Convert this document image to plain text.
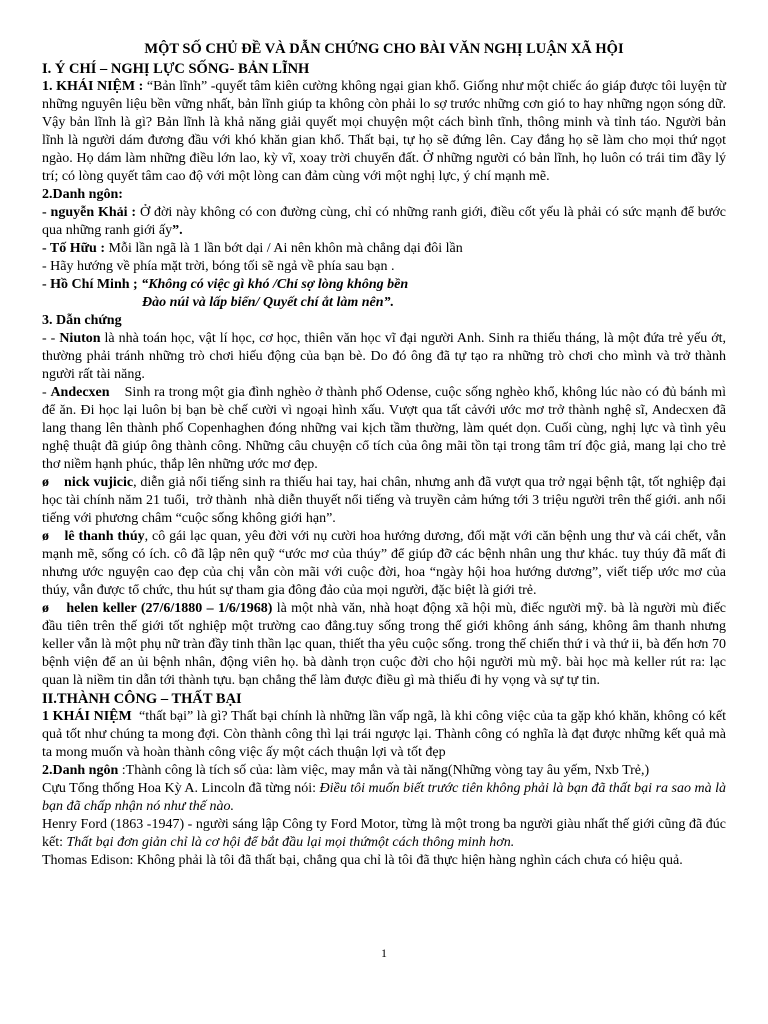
MỘT SỐ CHỦ ĐỀ VÀ DẪN CHỨNG CHO BÀI VĂN NGHỊ LUẬN XÃ HỘI

I. Ý CHÍ – NGHỊ LỰC SỐNG- BẢN LĨNH

1. KHÁI NIỆM : “Bản lĩnh” -quyết tâm kiên cường không ngại gian khổ. Giống như một chiếc áo giáp được tôi luyện từ những nguyên liệu bền vững nhất, bản lĩnh giúp ta không còn phải lo sợ trước những cơn gió to hay những ngọn sóng dữ. Vậy bản lĩnh là gì? Bản lĩnh là khả năng giải quyết mọi chuyện một cách bình tĩnh, thông minh và tỉnh táo. Người bản lĩnh là người dám đương đầu với khó khăn gian khổ. Thất bại, tự họ sẽ đứng lên. Cay đắng họ sẽ làm cho mọi thứ ngọt ngào. Họ dám làm những điều lớn lao, kỳ vĩ, xoay trời chuyển đất. Ở những người có bản lĩnh, họ luôn có trái tim đầy lý trí; có lòng quyết tâm cao độ với một lòng can đảm cùng với một nghị lực, ý chí mạnh mẽ.

2.Danh ngôn:

- nguyễn Khải : Ở đời này không có con đường cùng, chỉ có những ranh giới, điều cốt yếu là phải có sức mạnh để bước qua những ranh giới ấy”.

- Tố Hữu : Mỗi lần ngã là 1 lần bớt dại / Ai nên khôn mà chẳng dại đôi lần

- Hãy hướng về phía mặt trời, bóng tối sẽ ngả về phía sau bạn .

- Hồ Chí Minh ; “Không có việc gì khó /Chỉ sợ lòng không bền

Đào núi và lấp biển/ Quyết chí ắt làm nên”.

3. Dẫn chứng

- - Niuton là nhà toán học, vật lí học, cơ học, thiên văn học vĩ đại người Anh. Sinh ra thiếu tháng, là một đứa trẻ yếu ớt, thường phải tránh những trò chơi hiếu động của bạn bè. Do đó ông đã tự tạo ra những trò chơi cho mình và trở thành người rất tài năng.

- Andecxen    Sinh ra trong một gia đình nghèo ở thành phố Odense, cuộc sống nghèo khổ, không lúc nào có đủ bánh mì để ăn. Đi học lại luôn bị bạn bè chế cười vì ngoại hình xấu. Vượt qua tất cảvới ước mơ trở thành nghệ sĩ, Andecxen đã lang thang lên thành phố Copenhaghen đóng những vai kịch tầm thường, làm quét dọn. Cuối cùng, nghị lực và tình yêu nghệ thuật đã giúp ông thành công. Những câu chuyện cổ tích của ông mãi tồn tại trong tâm trí độc giả, mang lại cho trẻ thơ niềm hạnh phúc, thắp lên những ước mơ đẹp.

ø    nick vujicic, diễn giả nổi tiếng sinh ra thiếu hai tay, hai chân, nhưng anh đã vượt qua trở ngại bệnh tật, tốt nghiệp đại học tài chính năm 21 tuổi,  trở thành  nhà diễn thuyết nổi tiếng và truyền cảm hứng tới 3 triệu người trên thế giới. anh nổi tiếng với phương châm “cuộc sống không giới hạn”.

ø    lê thanh thúy, cô gái lạc quan, yêu đời với nụ cười hoa hướng dương, đối mặt với căn bệnh ung thư và cái chết, vẫn mạnh mẽ, sống có ích. cô đã lập nên quỹ “ước mơ của thúy” để giúp đỡ các bệnh nhân ung thư khác. tuy thúy đã mất đi nhưng ước nguyện cao đẹp của chị vẫn còn mãi với cuộc đời, hoa “ngày hội hoa hướng dương”, viết tiếp ước mơ của thúy, vẫn được tổ chức, thu hút sự tham gia đông đảo của mọi người, đặc biệt là giới trẻ.

ø    helen keller (27/6/1880 – 1/6/1968) là một nhà văn, nhà hoạt động xã hội mù, điếc người mỹ. bà là người mù điếc đầu tiên trên thế giới tốt nghiệp một trường cao đẳng.tuy sống trong thế giới không ánh sáng, không âm thanh nhưng keller vẫn là một phụ nữ tràn đầy tinh thần lạc quan, thiết tha yêu cuộc sống. trong thế chiến thứ i và thứ ii, bà đến hơn 70 bệnh viện để an ủi bệnh nhân, động viên họ. bà dành trọn cuộc đời cho hội người mù mỹ. bài học mà keller rút ra: lạc quan là niềm tin dẫn tới thành tựu. bạn chẳng thể làm được điều gì mà thiếu đi hy vọng và sự tự tin.

II.THÀNH CÔNG – THẤT BẠI

1 KHÁI NIỆM  “thất bại” là gì? Thất bại chính là những lần vấp ngã, là khi công việc của ta gặp khó khăn, không có kết quả tốt như chúng ta mong đợi. Còn thành công thì lại trái ngược lại. Thành công có nghĩa là đạt được những kết quả mà ta mong muốn và hoàn thành công việc ấy một cách thuận lợi và tốt đẹp

2.Danh ngôn :Thành công là tích số của: làm việc, may mắn và tài năng(Những vòng tay âu yếm, Nxb Trẻ,)

Cựu Tổng thống Hoa Kỳ A. Lincoln đã từng nói: Điều tôi muốn biết trước tiên không phải là bạn đã thất bại ra sao mà là bạn đã chấp nhận nó như thế nào.

Henry Ford (1863 -1947) - người sáng lập Công ty Ford Motor, từng là một trong ba người giàu nhất thế giới cũng đã đúc kết: Thất bại đơn giản chỉ là cơ hội để bắt đầu lại mọi thứmột cách thông minh hơn.

Thomas Edison: Không phải là tôi đã thất bại, chẳng qua chỉ là tôi đã thực hiện hàng nghìn cách chưa có hiệu quả.

1
